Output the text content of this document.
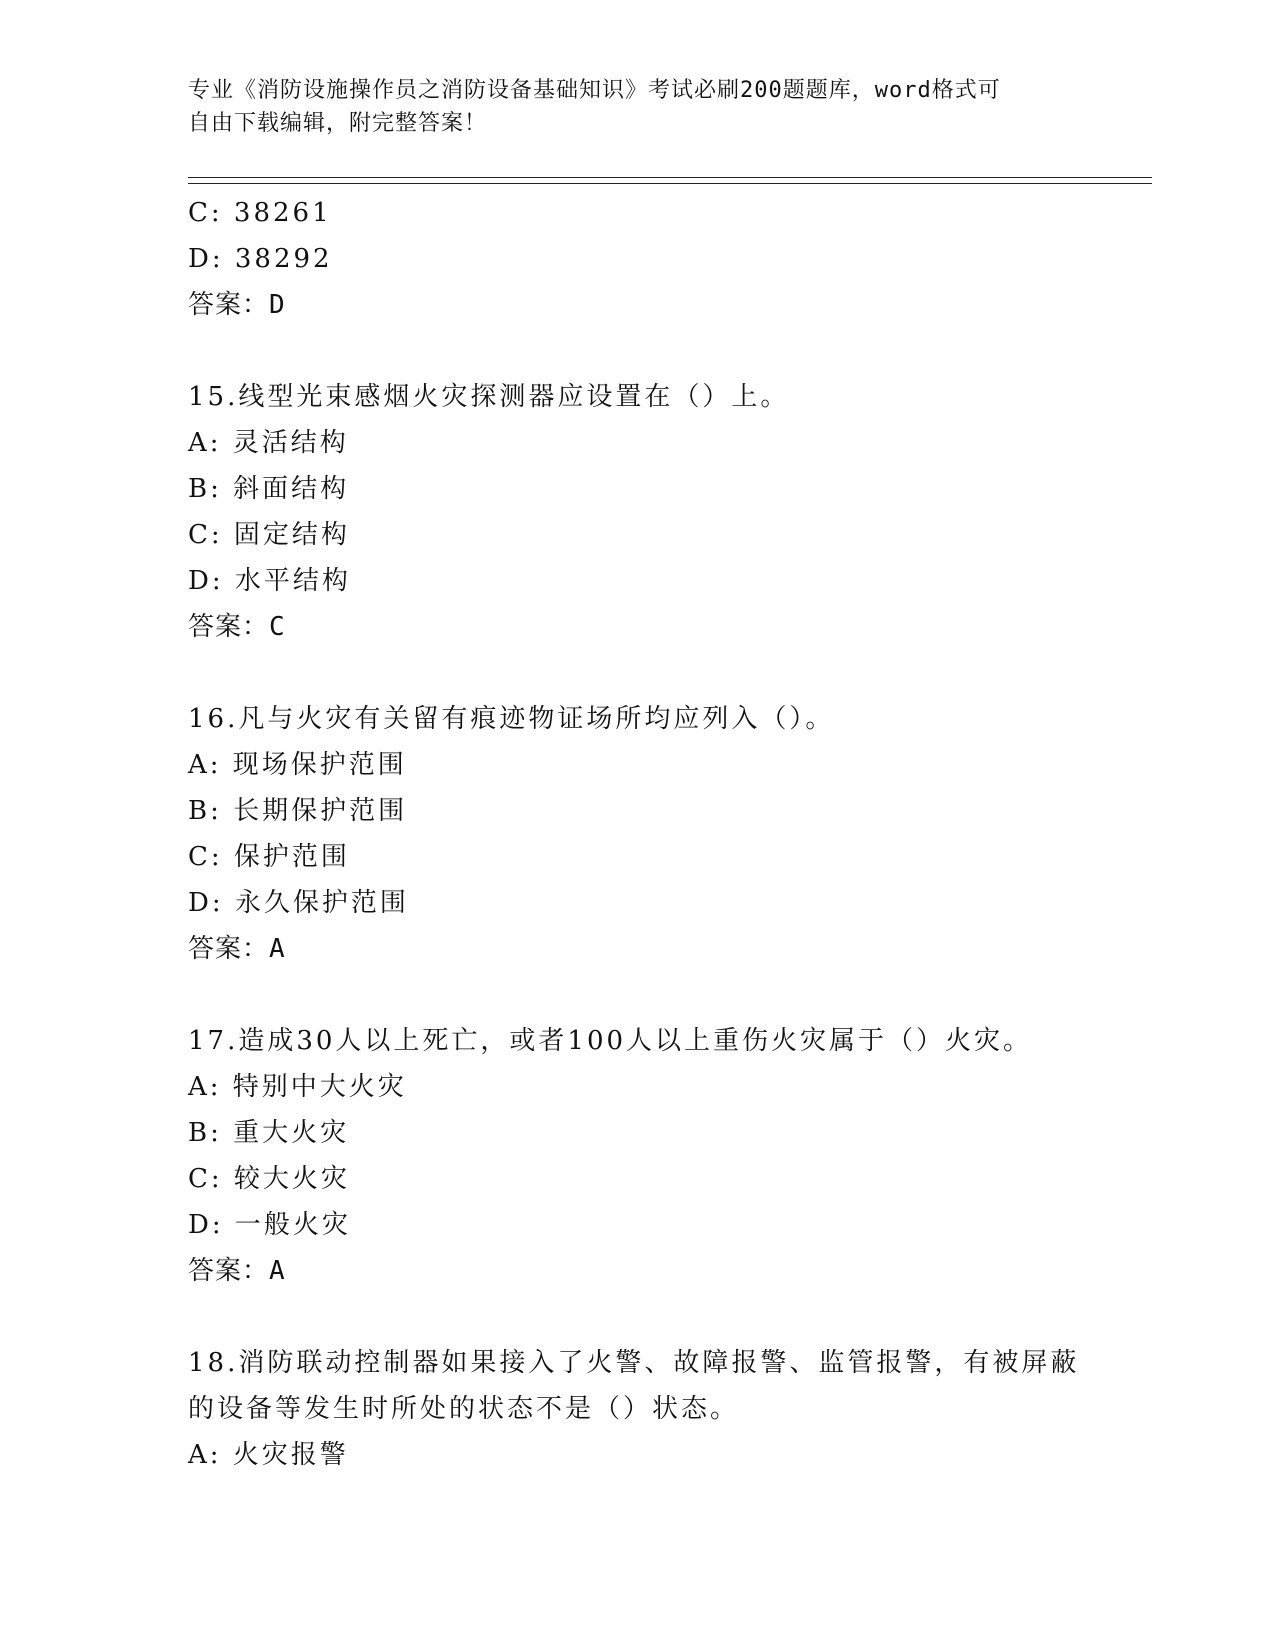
专业《消防设施操作员之消防设备基础知识》考试必刷200题题库，word格式可
自由下载编辑，附完整答案！
C: 38261
D: 38292
答案：D
15.线型光束感烟火灾探测器应设置在（）上。
A: 灵活结构
B: 斜面结构
C: 固定结构
D: 水平结构
答案：C
16.凡与火灾有关留有痕迹物证场所均应列入（）。
A: 现场保护范围
B: 长期保护范围
C: 保护范围
D: 永久保护范围
答案：A
17.造成30人以上死亡，或者100人以上重伤火灾属于（）火灾。
A: 特别中大火灾
B: 重大火灾
C: 较大火灾
D: 一般火灾
答案：A
18.消防联动控制器如果接入了火警、故障报警、监管报警，有被屏蔽
的设备等发生时所处的状态不是（）状态。
A: 火灾报警
